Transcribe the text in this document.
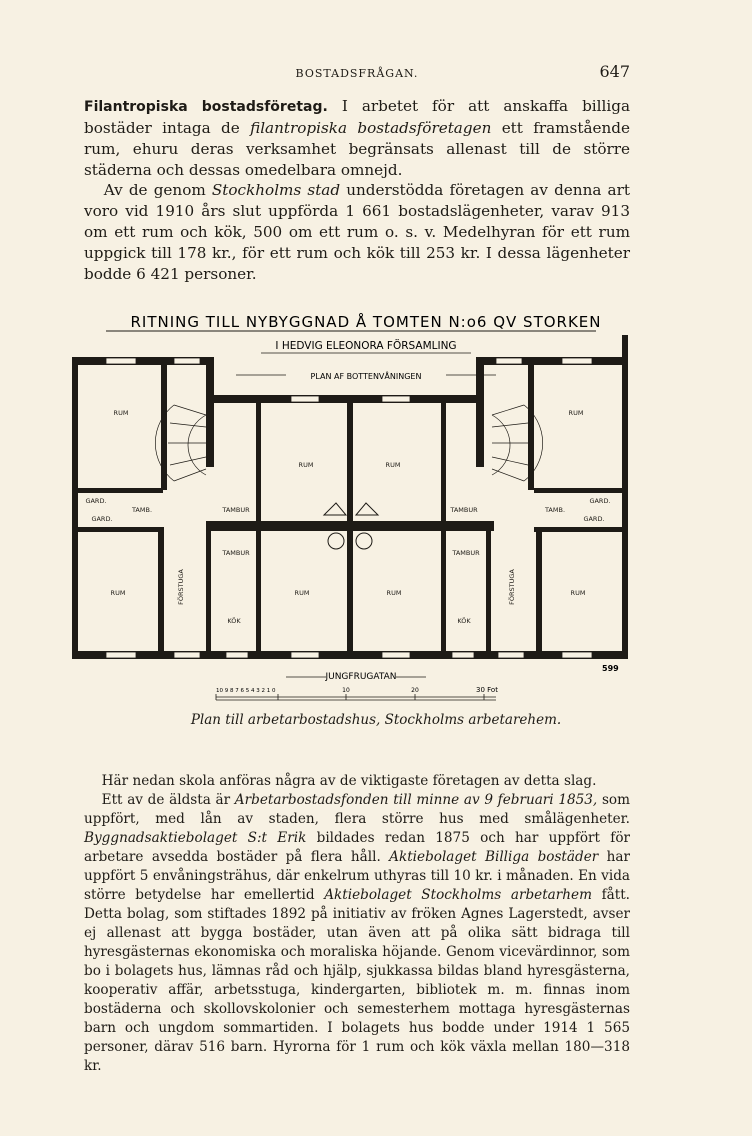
BOSTADSFRÅGAN.	647

Filantropiska bostadsföretag. I arbetet för att anskaffa billiga bostäder intaga de filantropiska bostadsföretagen ett framstående rum, ehuru deras verksamhet begränsats allenast till de större städerna och dessas omedelbara omnejd.

Av de genom Stockholms stad understödda företagen av denna art voro vid 1910 års slut uppförda 1 661 bostadslägenheter, varav 913 om ett rum och kök, 500 om ett rum o. s. v. Medelhyran för ett rum uppgick till 178 kr., för ett rum och kök till 253 kr. I dessa lägenheter bodde 6 421 personer.

RITNING TILL NYBYGGNAD Å TOMTEN N:o6 QV STORKEN
I HEDVIG ELEONORA FÖRSAMLING
PLAN AF BOTTENVÅNINGEN
RUM
RUM	RUM
RUM
RUM	RUM	RUM	RUM
KÖK	KÖK
GARD.
GARD.
GARD.
GARD.
TAMB.	TAMB.
TAMBUR	TAMBUR
TAMBUR	TAMBUR
FÖRSTUGA	FÖRSTUGA
JUNGFRUGATAN
10 9 8 7 6 5 4 3 2 1 0	10	20	30 Fot
599
Plan till arbetarbostadshus, Stockholms arbetarehem.

Här nedan skola anföras några av de viktigaste företagen av detta slag.

Ett av de äldsta är Arbetarbostadsfonden till minne av 9 februari 1853, som uppfört, med lån av staden, flera större hus med smålägenheter. Byggnadsaktiebolaget S:t Erik bildades redan 1875 och har uppfört för arbetare avsedda bostäder på flera håll. Aktiebolaget Billiga bostäder har uppfört 5 envåningsträhus, där enkelrum uthyras till 10 kr. i månaden. En vida större betydelse har emellertid Aktiebolaget Stockholms arbetarhem fått. Detta bolag, som stiftades 1892 på initiativ av fröken Agnes Lagerstedt, avser ej allenast att bygga bostäder, utan även att på olika sätt bidraga till hyresgästernas ekonomiska och moraliska höjande. Genom vicevärdinnor, som bo i bolagets hus, lämnas råd och hjälp, sjukkassa bildas bland hyresgästerna, kooperativ affär, arbetsstuga, kindergarten, bibliotek m. m. finnas inom bostäderna och skollovskolonier och semesterhem mottaga hyresgästernas barn och ungdom sommartiden. I bolagets hus bodde under 1914 1 565 personer, därav 516 barn. Hyrorna för 1 rum och kök växla mellan 180—318 kr.
